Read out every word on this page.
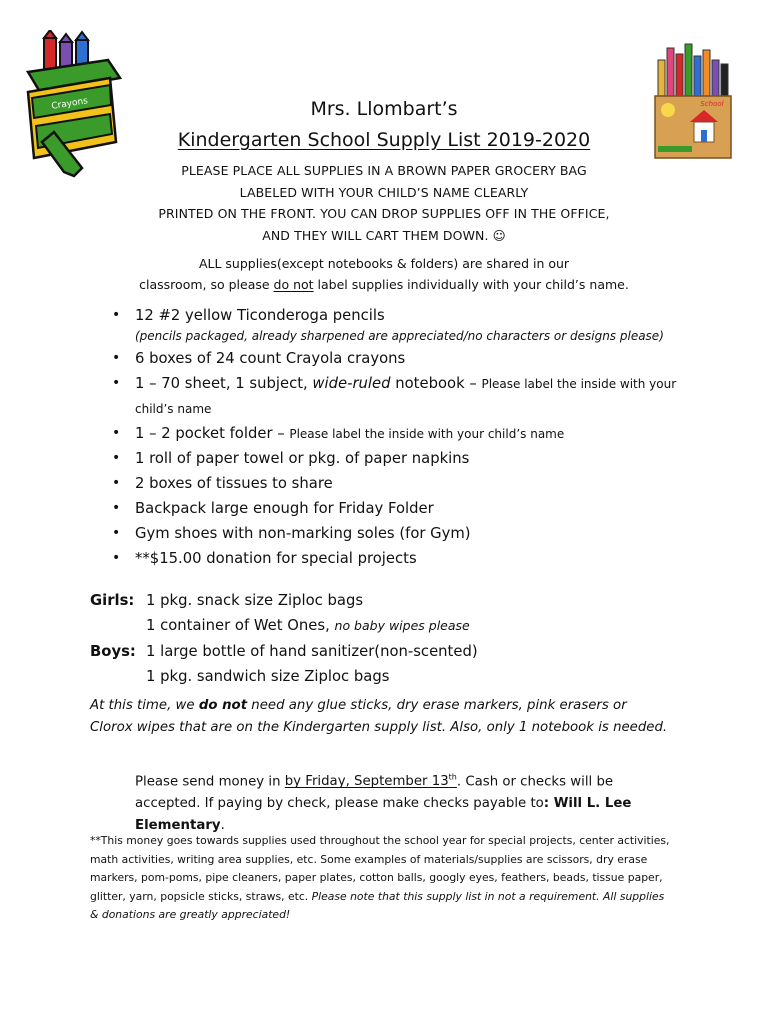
Crayons	School
Mrs. Llombart’s
Kindergarten School Supply List 2019-2020
PLEASE PLACE ALL SUPPLIES IN A BROWN PAPER GROCERY BAG
LABELED WITH YOUR CHILD’S NAME CLEARLY
PRINTED ON THE FRONT. YOU CAN DROP SUPPLIES OFF IN THE OFFICE,
AND THEY WILL CART THEM DOWN. ☺
ALL supplies(except notebooks & folders) are shared in our
classroom, so please do not label supplies individually with your child’s name.
• 12 #2 yellow Ticonderoga pencils
(pencils packaged, already sharpened are appreciated/no characters or designs please)
• 6 boxes of 24 count Crayola crayons
• 1 – 70 sheet, 1 subject, wide-ruled notebook – Please label the inside with your child’s name
• 1 – 2 pocket folder – Please label the inside with your child’s name
• 1 roll of paper towel or pkg. of paper napkins
• 2 boxes of tissues to share
• Backpack large enough for Friday Folder
• Gym shoes with non-marking soles (for Gym)
• **$15.00 donation for special projects
Girls: 1 pkg. snack size Ziploc bags
1 container of Wet Ones, no baby wipes please
Boys: 1 large bottle of hand sanitizer(non-scented)
1 pkg. sandwich size Ziploc bags
At this time, we do not need any glue sticks, dry erase markers, pink erasers or Clorox wipes that are on the Kindergarten supply list. Also, only 1 notebook is needed.
Please send money in by Friday, September 13th. Cash or checks will be accepted. If paying by check, please make checks payable to: Will L. Lee Elementary.
**This money goes towards supplies used throughout the school year for special projects, center activities, math activities, writing area supplies, etc. Some examples of materials/supplies are scissors, dry erase markers, pom-poms, pipe cleaners, paper plates, cotton balls, googly eyes, feathers, beads, tissue paper, glitter, yarn, popsicle sticks, straws, etc. Please note that this supply list in not a requirement. All supplies & donations are greatly appreciated!
